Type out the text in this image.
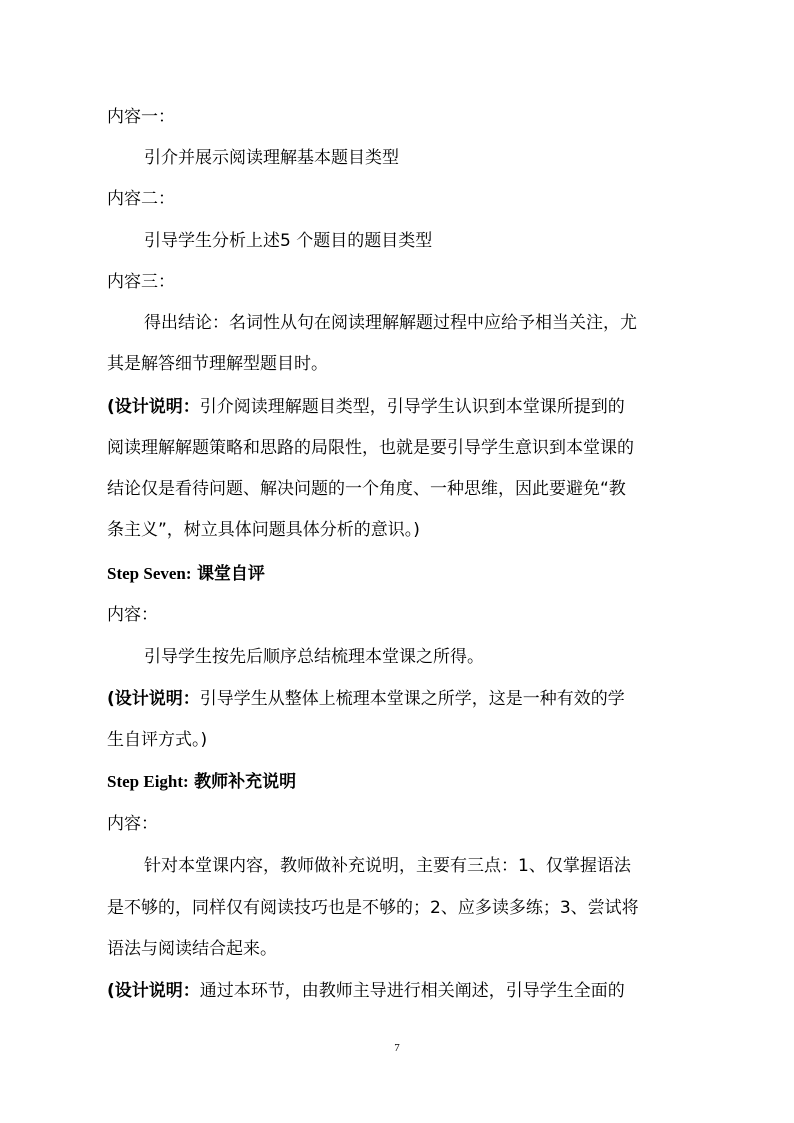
内容一：
引介并展示阅读理解基本题目类型
内容二：
引导学生分析上述5 个题目的题目类型
内容三：
得出结论：名词性从句在阅读理解解题过程中应给予相当关注，尤
其是解答细节理解型题目时。
(设计说明：引介阅读理解题目类型，引导学生认识到本堂课所提到的
阅读理解解题策略和思路的局限性，也就是要引导学生意识到本堂课的
结论仅是看待问题、解决问题的一个角度、一种思维，因此要避免“教
条主义”，树立具体问题具体分析的意识。)
Step Seven: 课堂自评
内容：
引导学生按先后顺序总结梳理本堂课之所得。
(设计说明：引导学生从整体上梳理本堂课之所学，这是一种有效的学
生自评方式。)
Step Eight: 教师补充说明
内容：
针对本堂课内容，教师做补充说明，主要有三点：1、仅掌握语法
是不够的，同样仅有阅读技巧也是不够的；2、应多读多练；3、尝试将
语法与阅读结合起来。
(设计说明：通过本环节，由教师主导进行相关阐述，引导学生全面的
7
